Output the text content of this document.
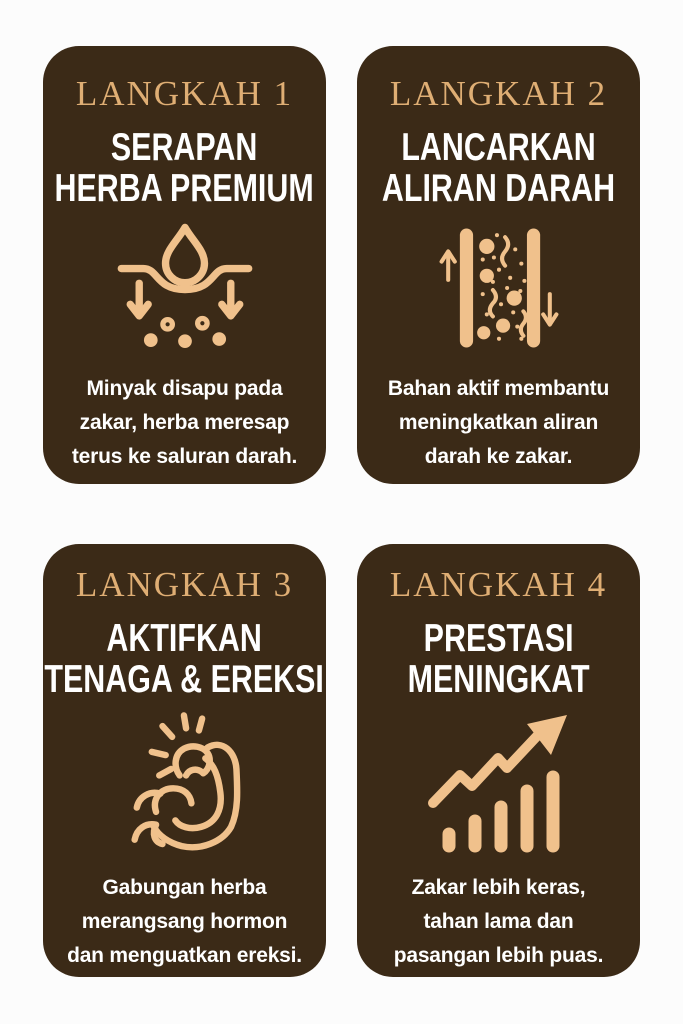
LANGKAH 1
SERAPAN
HERBA PREMIUM

Minyak disapu pada
zakar, herba meresap
terus ke saluran darah.

LANGKAH 2
LANCARKAN
ALIRAN DARAH

Bahan aktif membantu
meningkatkan aliran
darah ke zakar.

LANGKAH 3
AKTIFKAN
TENAGA & EREKSI

Gabungan herba
merangsang hormon
dan menguatkan ereksi.

LANGKAH 4
PRESTASI
MENINGKAT

Zakar lebih keras,
tahan lama dan
pasangan lebih puas.
